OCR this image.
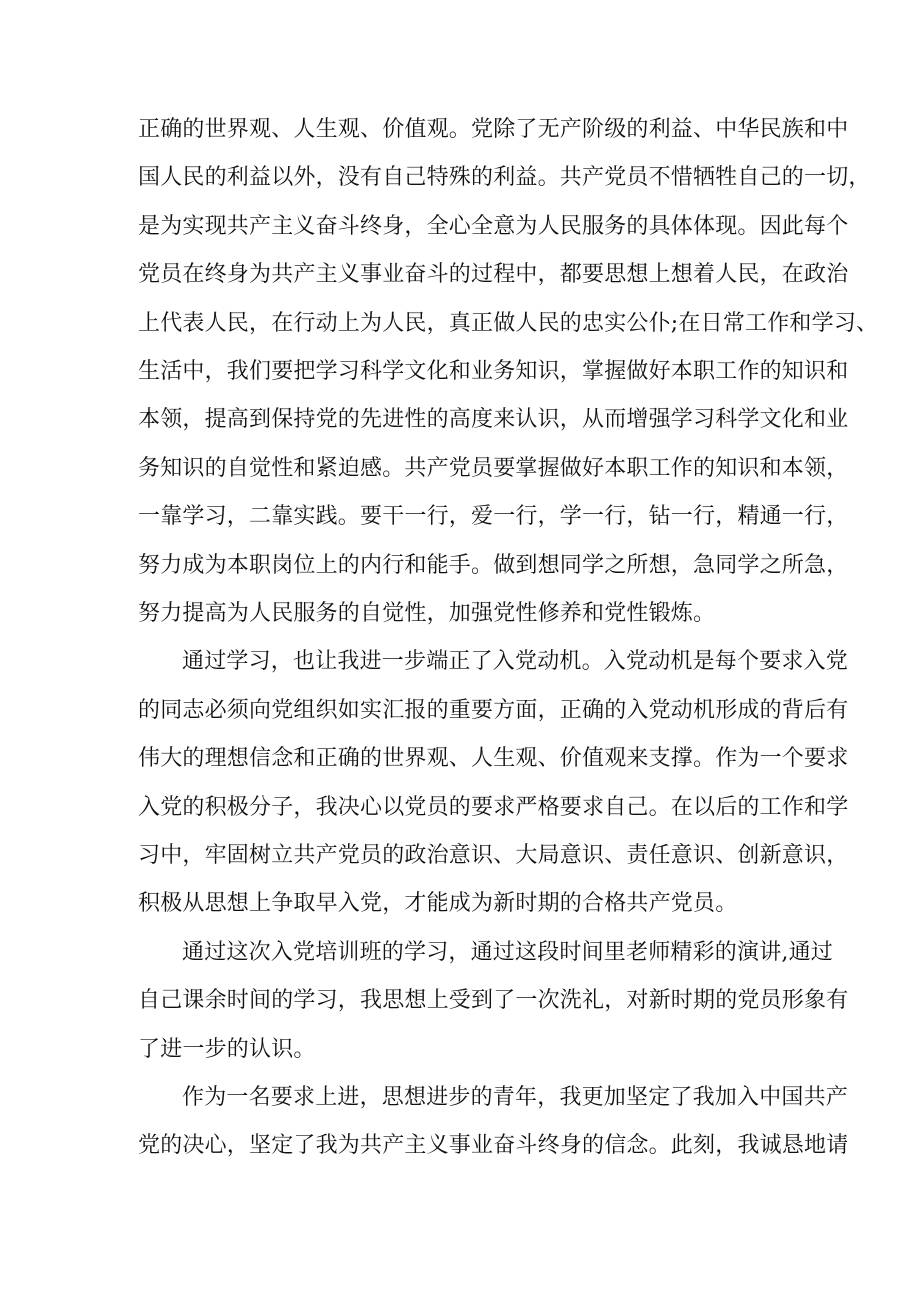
正确的世界观、人生观、价值观。党除了无产阶级的利益、中华民族和中
国人民的利益以外，没有自己特殊的利益。共产党员不惜牺牲自己的一切，
是为实现共产主义奋斗终身，全心全意为人民服务的具体体现。因此每个
党员在终身为共产主义事业奋斗的过程中，都要思想上想着人民，在政治
上代表人民，在行动上为人民，真正做人民的忠实公仆;在日常工作和学习、
生活中，我们要把学习科学文化和业务知识，掌握做好本职工作的知识和
本领，提高到保持党的先进性的高度来认识，从而增强学习科学文化和业
务知识的自觉性和紧迫感。共产党员要掌握做好本职工作的知识和本领，
一靠学习，二靠实践。要干一行，爱一行，学一行，钻一行，精通一行，
努力成为本职岗位上的内行和能手。做到想同学之所想，急同学之所急，
努力提高为人民服务的自觉性，加强党性修养和党性锻炼。
通过学习，也让我进一步端正了入党动机。入党动机是每个要求入党
的同志必须向党组织如实汇报的重要方面，正确的入党动机形成的背后有
伟大的理想信念和正确的世界观、人生观、价值观来支撑。作为一个要求
入党的积极分子，我决心以党员的要求严格要求自己。在以后的工作和学
习中，牢固树立共产党员的政治意识、大局意识、责任意识、创新意识，
积极从思想上争取早入党，才能成为新时期的合格共产党员。
通过这次入党培训班的学习，通过这段时间里老师精彩的演讲,通过
自己课余时间的学习，我思想上受到了一次洗礼，对新时期的党员形象有
了进一步的认识。
作为一名要求上进，思想进步的青年，我更加坚定了我加入中国共产
党的决心，坚定了我为共产主义事业奋斗终身的信念。此刻，我诚恳地请
